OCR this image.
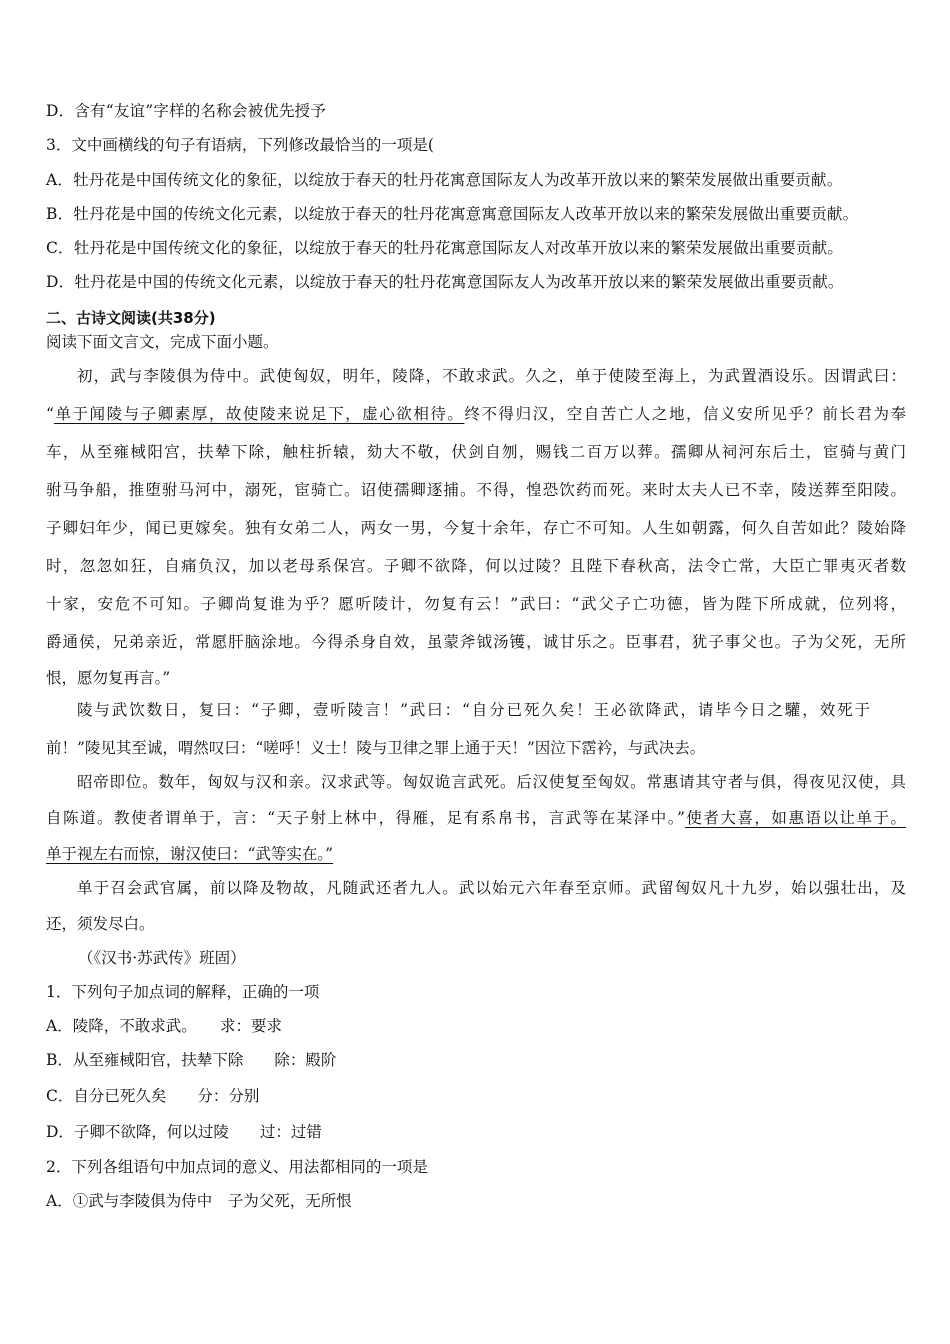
D．含有“友谊”字样的名称会被优先授予
3．文中画横线的句子有语病，下列修改最恰当的一项是(
A．牡丹花是中国传统文化的象征，以绽放于春天的牡丹花寓意国际友人为改革开放以来的繁荣发展做出重要贡献。
B．牡丹花是中国的传统文化元素，以绽放于春天的牡丹花寓意寓意国际友人改革开放以来的繁荣发展做出重要贡献。
C．牡丹花是中国传统文化的象征，以绽放于春天的牡丹花寓意国际友人对改革开放以来的繁荣发展做出重要贡献。
D．牡丹花是中国的传统文化元素，以绽放于春天的牡丹花寓意国际友人为改革开放以来的繁荣发展做出重要贡献。
二、古诗文阅读(共38分)
阅读下面文言文，完成下面小题。
初，武与李陵俱为侍中。武使匈奴，明年，陵降，不敢求武。久之，单于使陵至海上，为武置酒设乐。因谓武曰：
“单于闻陵与子卿素厚，故使陵来说足下，虚心欲相待。终不得归汉，空自苦亡人之地，信义安所见乎？前长君为奉
车，从至雍棫阳宫，扶辇下除，触柱折辕，劾大不敬，伏剑自刎，赐钱二百万以葬。孺卿从祠河东后土，宦骑与黄门
驸马争船，推堕驸马河中，溺死，宦骑亡。诏使孺卿逐捕。不得，惶恐饮药而死。来时太夫人已不幸，陵送葬至阳陵。
子卿妇年少，闻已更嫁矣。独有女弟二人，两女一男，今复十余年，存亡不可知。人生如朝露，何久自苦如此？陵始降
时，忽忽如狂，自痛负汉，加以老母系保宫。子卿不欲降，何以过陵？且陛下春秋高，法令亡常，大臣亡罪夷灭者数
十家，安危不可知。子卿尚复谁为乎？愿听陵计，勿复有云！”武曰：“武父子亡功德，皆为陛下所成就，位列将，
爵通侯，兄弟亲近，常愿肝脑涂地。今得杀身自效，虽蒙斧钺汤镬，诚甘乐之。臣事君，犹子事父也。子为父死，无所
恨，愿勿复再言。”
陵与武饮数日，复曰：“子卿，壹听陵言！”武曰：“自分已死久矣！王必欲降武，请毕今日之驩，效死于
前！”陵见其至诚，喟然叹曰：“嗟呼！义士！陵与卫律之罪上通于天！”因泣下霑衿，与武决去。
昭帝即位。数年，匈奴与汉和亲。汉求武等。匈奴诡言武死。后汉使复至匈奴。常惠请其守者与俱，得夜见汉使，具
自陈道。教使者谓单于，言：“天子射上林中，得雁，足有系帛书，言武等在某泽中。”使者大喜，如惠语以让单于。
单于视左右而惊，谢汉使曰：“武等实在。”
单于召会武官属，前以降及物故，凡随武还者九人。武以始元六年春至京师。武留匈奴凡十九岁，始以强壮出，及
还，须发尽白。
（《汉书·苏武传》班固）
1．下列句子加点词的解释，正确的一项
A．陵降，不敢求武。　　求：要求
B．从至雍棫阳官，扶辇下除　　除：殿阶
C．自分已死久矣　　分：分别
D．子卿不欲降，何以过陵　　过：过错
2．下列各组语句中加点词的意义、用法都相同的一项是
A．①武与李陵俱为侍中　子为父死，无所恨
